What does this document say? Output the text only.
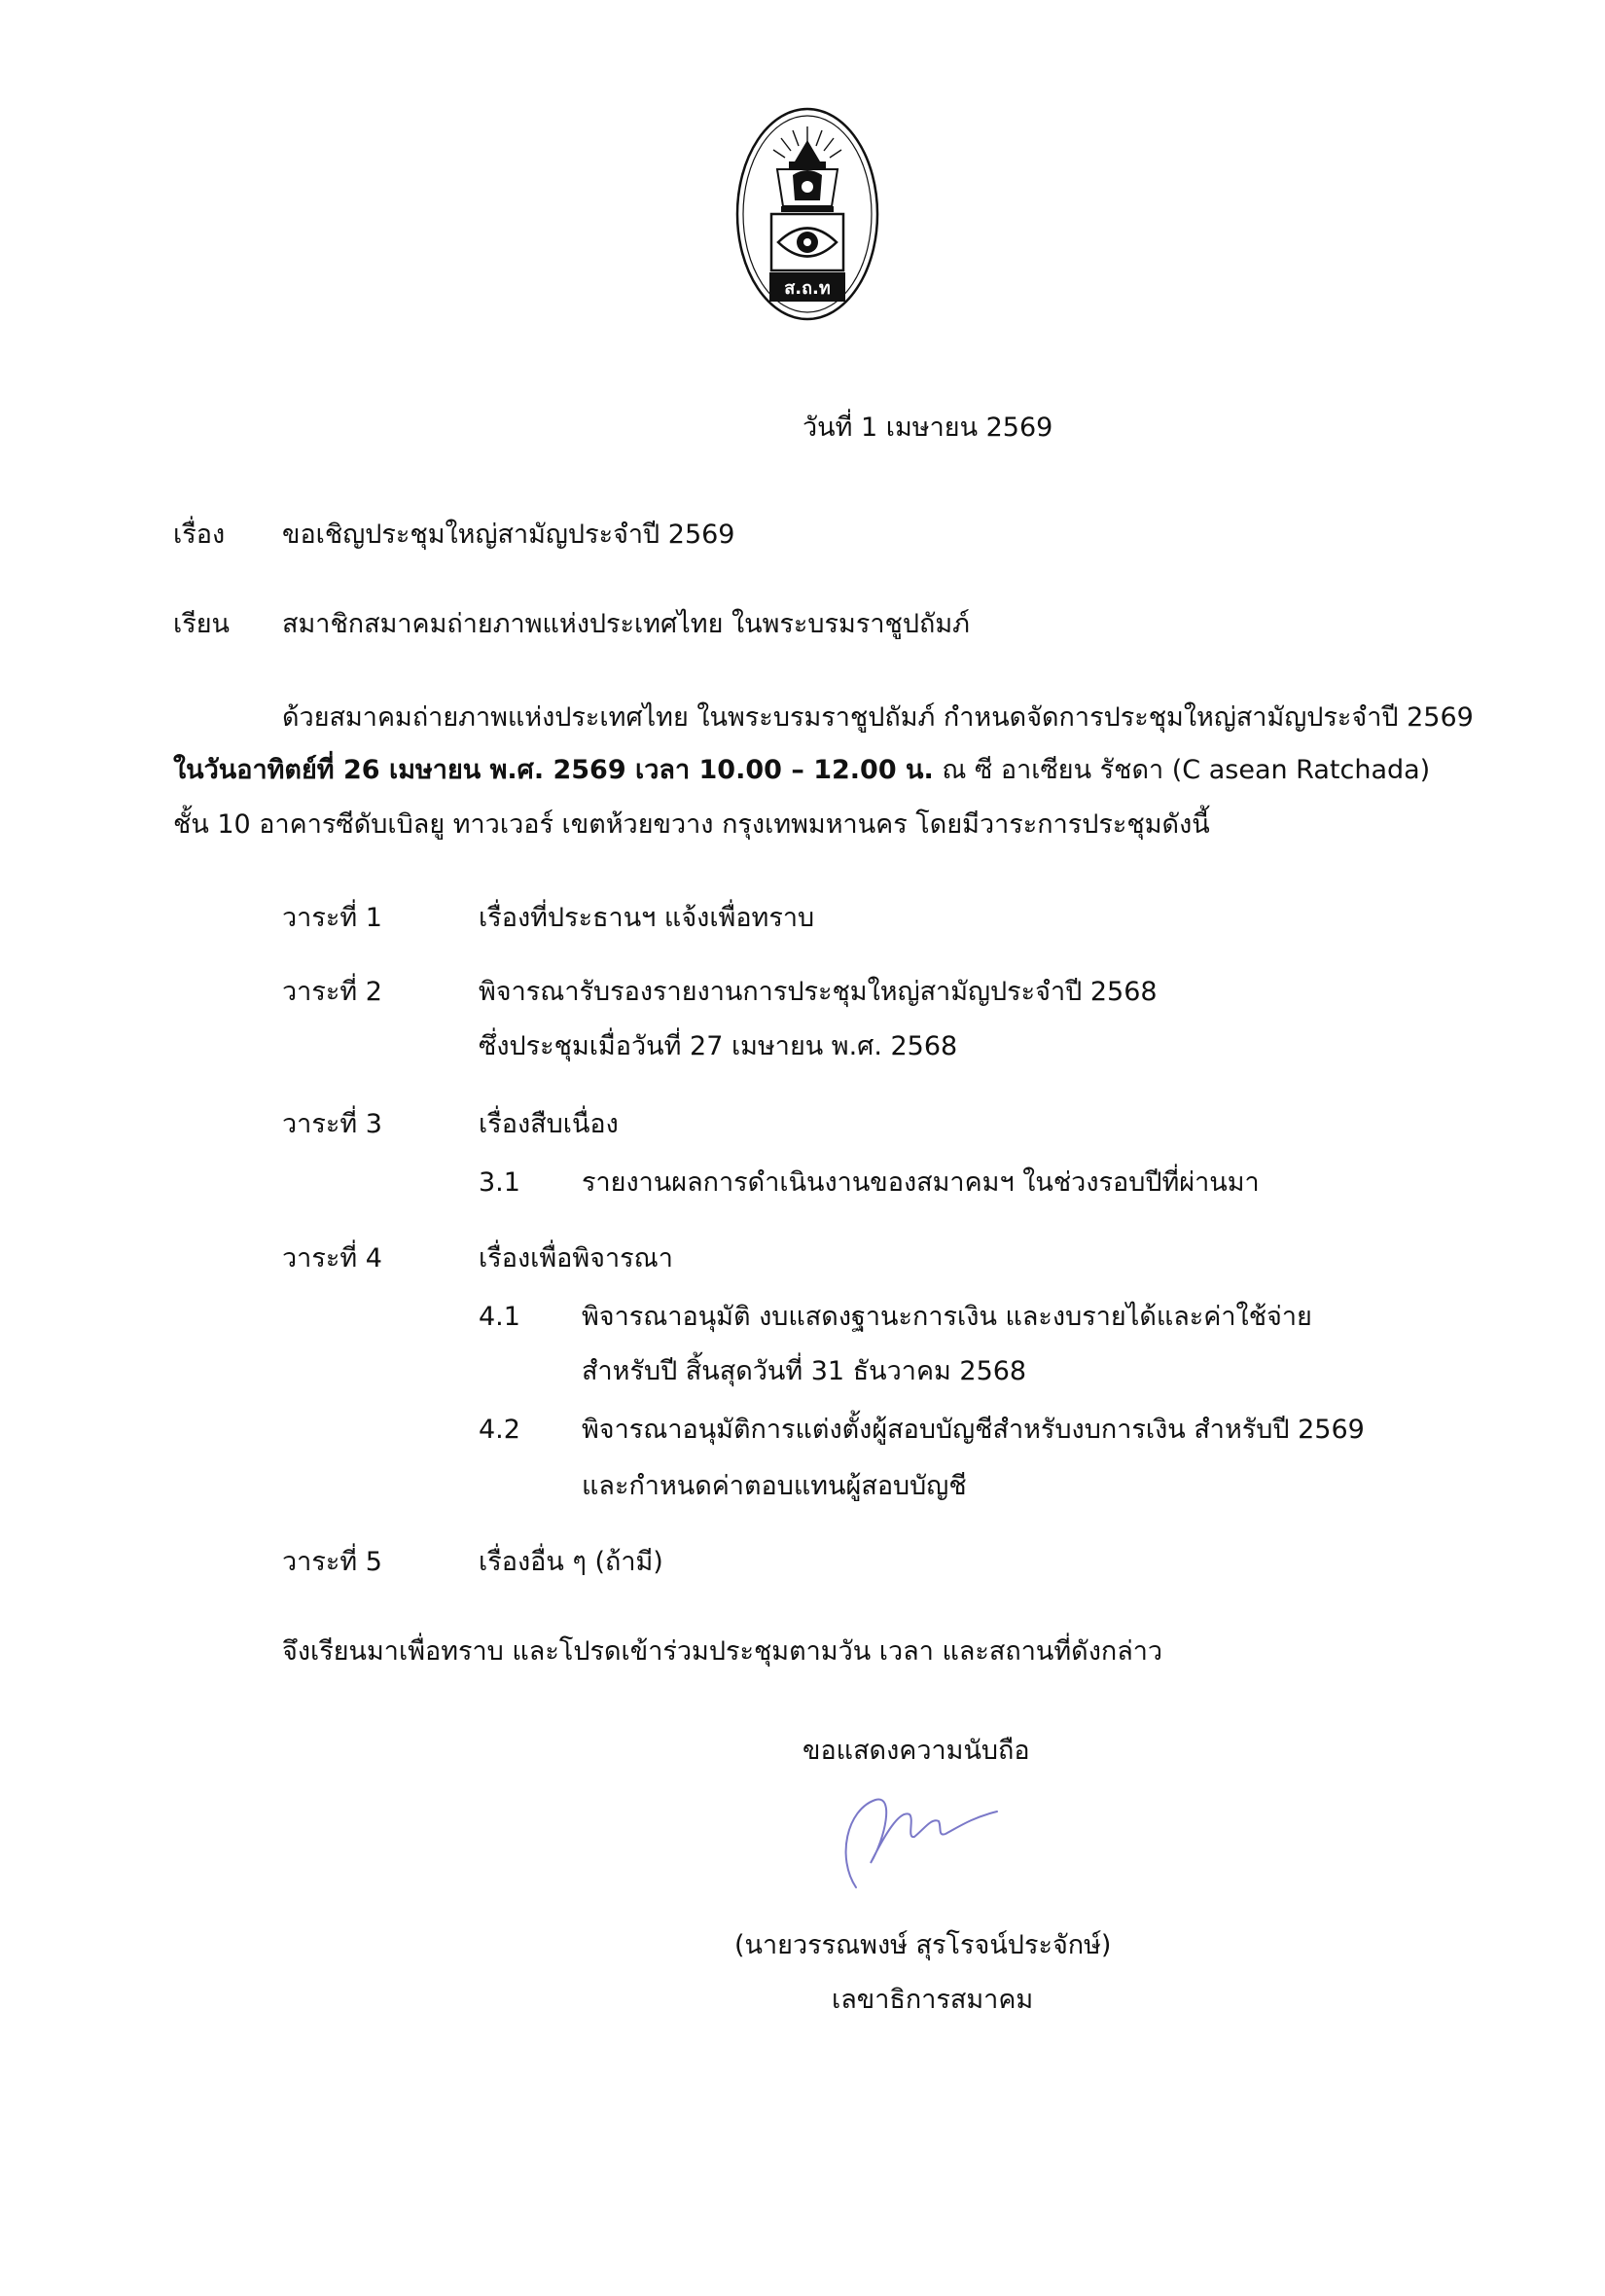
ส.ถ.ท
วันที่ 1 เมษายน 2569
เรื่อง ขอเชิญประชุมใหญ่สามัญประจำปี 2569
เรียน สมาชิกสมาคมถ่ายภาพแห่งประเทศไทย ในพระบรมราชูปถัมภ์
ด้วยสมาคมถ่ายภาพแห่งประเทศไทย ในพระบรมราชูปถัมภ์ กำหนดจัดการประชุมใหญ่สามัญประจำปี 2569
ในวันอาทิตย์ที่ 26 เมษายน พ.ศ. 2569 เวลา 10.00 – 12.00 น. ณ ซี อาเซียน รัชดา (C asean Ratchada)
ชั้น 10 อาคารซีดับเบิลยู ทาวเวอร์ เขตห้วยขวาง กรุงเทพมหานคร โดยมีวาระการประชุมดังนี้
วาระที่ 1	เรื่องที่ประธานฯ แจ้งเพื่อทราบ
วาระที่ 2	พิจารณารับรองรายงานการประชุมใหญ่สามัญประจำปี 2568
ซึ่งประชุมเมื่อวันที่ 27 เมษายน พ.ศ. 2568
วาระที่ 3	เรื่องสืบเนื่อง
3.1 รายงานผลการดำเนินงานของสมาคมฯ ในช่วงรอบปีที่ผ่านมา
วาระที่ 4	เรื่องเพื่อพิจารณา
4.1 พิจารณาอนุมัติ งบแสดงฐานะการเงิน และงบรายได้และค่าใช้จ่าย
สำหรับปี สิ้นสุดวันที่ 31 ธันวาคม 2568
4.2 พิจารณาอนุมัติการแต่งตั้งผู้สอบบัญชีสำหรับงบการเงิน สำหรับปี 2569
และกำหนดค่าตอบแทนผู้สอบบัญชี
วาระที่ 5	เรื่องอื่น ๆ (ถ้ามี)
จึงเรียนมาเพื่อทราบ และโปรดเข้าร่วมประชุมตามวัน เวลา และสถานที่ดังกล่าว
ขอแสดงความนับถือ
(นายวรรณพงษ์ สุรโรจน์ประจักษ์)
เลขาธิการสมาคม
